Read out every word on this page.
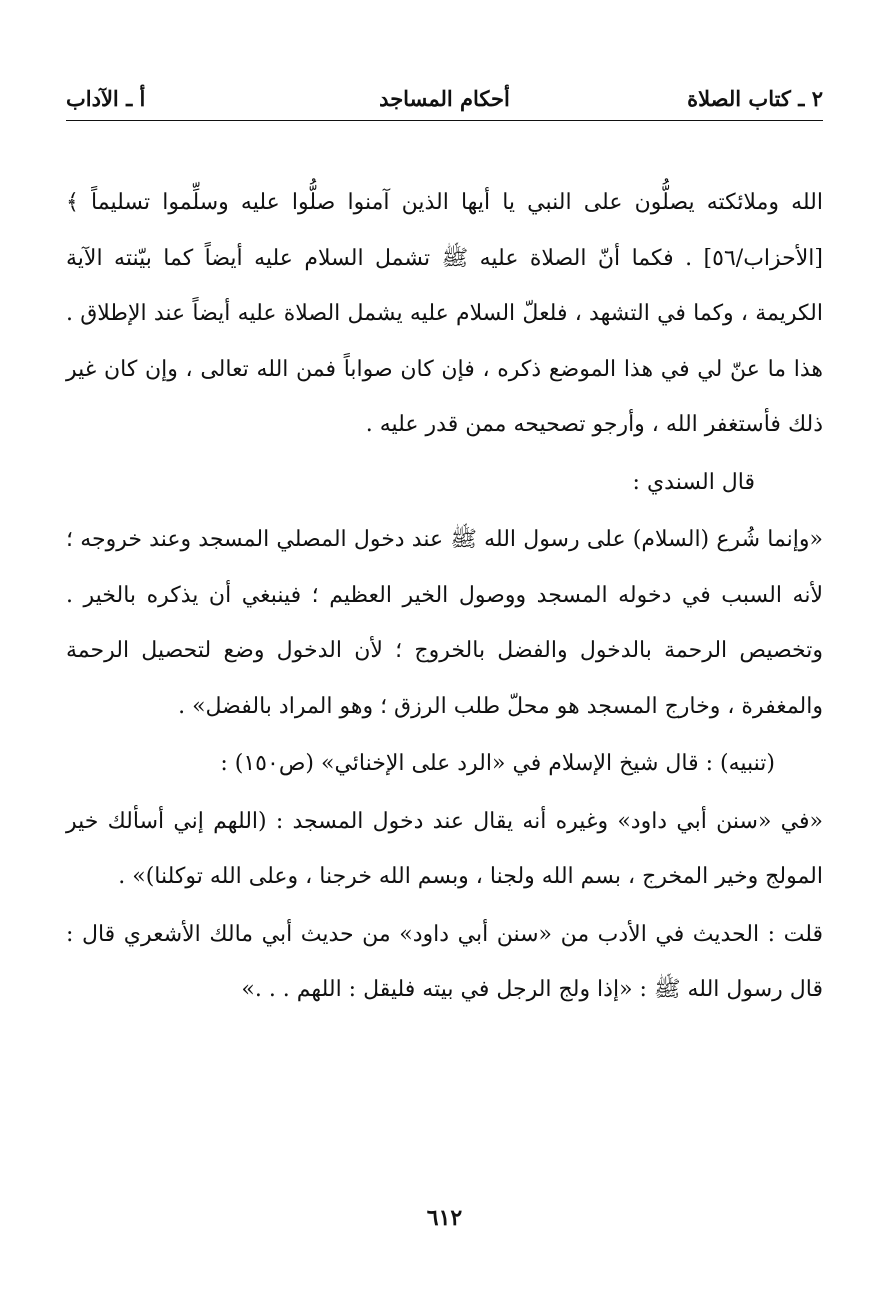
٢ ـ كتاب الصلاة
أحكام المساجد
أ ـ الآداب

الله وملائكته يصلُّون على النبي يا أيها الذين آمنوا صلُّوا عليه وسلِّموا تسليماً ﴾ [الأحزاب/٥٦] . فكما أنّ الصلاة عليه ﷺ تشمل السلام عليه أيضاً كما بيّنته الآية الكريمة ، وكما في التشهد ، فلعلّ السلام عليه يشمل الصلاة عليه أيضاً عند الإطلاق . هذا ما عنّ لي في هذا الموضع ذكره ، فإن كان صواباً فمن الله تعالى ، وإن كان غير ذلك فأستغفر الله ، وأرجو تصحيحه ممن قدر عليه .

قال السندي :

«وإنما شُرع (السلام) على رسول الله ﷺ عند دخول المصلي المسجد وعند خروجه ؛ لأنه السبب في دخوله المسجد ووصول الخير العظيم ؛ فينبغي أن يذكره بالخير . وتخصيص الرحمة بالدخول والفضل بالخروج ؛ لأن الدخول وضع لتحصيل الرحمة والمغفرة ، وخارج المسجد هو محلّ طلب الرزق ؛ وهو المراد بالفضل» .

(تنبيه) : قال شيخ الإسلام في «الرد على الإخنائي» (ص١٥٠) :

«في «سنن أبي داود» وغيره أنه يقال عند دخول المسجد : (اللهم إني أسألك خير المولج وخير المخرج ، بسم الله ولجنا ، وبسم الله خرجنا ، وعلى الله توكلنا)» .

قلت : الحديث في الأدب من «سنن أبي داود» من حديث أبي مالك الأشعري قال : قال رسول الله ﷺ : «إذا ولج الرجل في بيته فليقل : اللهم . . .»

٦١٢
